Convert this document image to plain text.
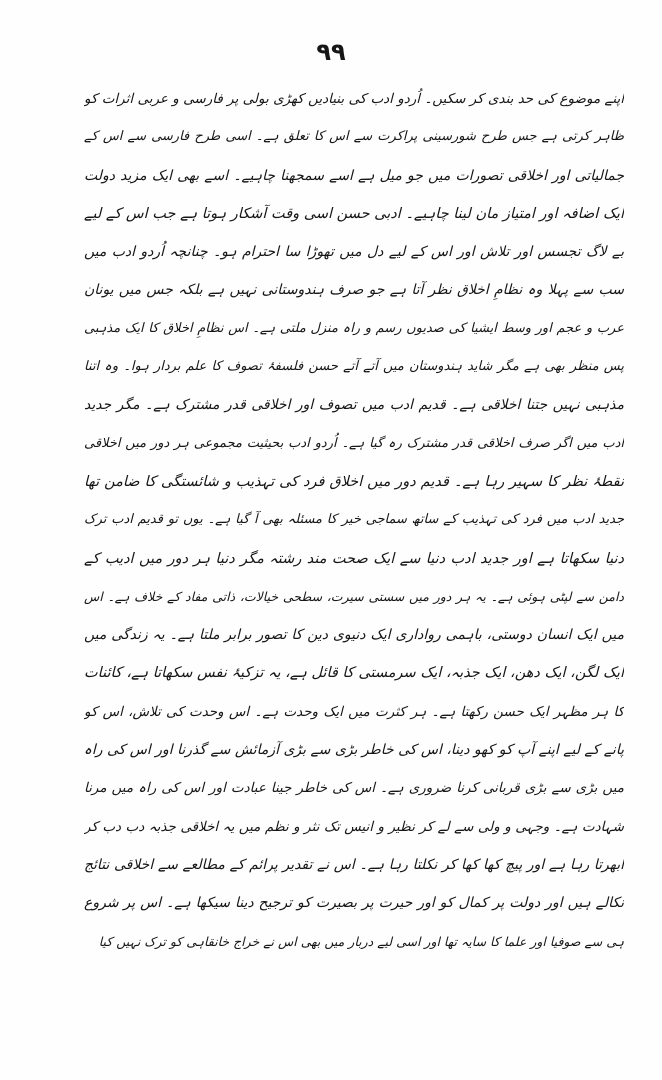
۹۹
اپنے موضوع کی حد بندی کر سکیں۔ اُردو ادب کی بنیادیں کھڑی بولی پر فارسی و عربی اثرات کو
ظاہر کرتی ہے جس طرح شورسینی پراکرت سے اس کا تعلق ہے۔ اسی طرح فارسی سے اس کے
جمالیاتی اور اخلاقی تصورات میں جو میل ہے اسے سمجھنا چاہیے۔ اسے بھی ایک مزید دولت
ایک اضافہ اور امتیاز مان لینا چاہیے۔ ادبی حسن اسی وقت آشکار ہوتا ہے جب اس کے لیے
بے لاگ تجسس اور تلاش اور اس کے لیے دل میں تھوڑا سا احترام ہو۔ چنانچہ اُردو ادب میں
سب سے پہلا وہ نظامِ اخلاق نظر آتا ہے جو صرف ہندوستانی نہیں ہے بلکہ جس میں یونان
عرب و عجم اور وسط ایشیا کی صدیوں رسم و راہ منزل ملتی ہے۔ اس نظامِ اخلاق کا ایک مذہبی
پس منظر بھی ہے مگر شاید ہندوستان میں آتے آتے حسن فلسفۂ تصوف کا علم بردار ہوا۔ وہ اتنا
مذہبی نہیں جتنا اخلاقی ہے۔ قدیم ادب میں تصوف اور اخلاقی قدر مشترک ہے۔ مگر جدید
ادب میں اگر صرف اخلاقی قدر مشترک رہ گیا ہے۔ اُردو ادب بحیثیت مجموعی ہر دور میں اخلاقی
نقطۂ نظر کا سہیر رہا ہے۔ قدیم دور میں اخلاق فرد کی تہذیب و شائستگی کا ضامن تھا
جدید ادب میں فرد کی تہذیب کے ساتھ سماجی خیر کا مسئلہ بھی آ گیا ہے۔ یوں تو قدیم ادب ترک
دنیا سکھاتا ہے اور جدید ادب دنیا سے ایک صحت مند رشتہ مگر دنیا ہر دور میں ادیب کے
دامن سے لپٹی ہوئی ہے۔ یہ ہر دور میں سستی سیرت، سطحی خیالات، ذاتی مفاد کے خلاف ہے۔ اس
میں ایک انسان دوستی، باہمی رواداری ایک دنیوی دین کا تصور برابر ملتا ہے۔ یہ زندگی میں
ایک لگن، ایک دھن، ایک جذبہ، ایک سرمستی کا قائل ہے، یہ تزکیۂ نفس سکھاتا ہے، کائنات
کا ہر مظہر ایک حسن رکھتا ہے۔ ہر کثرت میں ایک وحدت ہے۔ اس وحدت کی تلاش، اس کو
پانے کے لیے اپنے آپ کو کھو دینا، اس کی خاطر بڑی سے بڑی آزمائش سے گذرنا اور اس کی راہ
میں بڑی سے بڑی قربانی کرنا ضروری ہے۔ اس کی خاطر جینا عبادت اور اس کی راہ میں مرنا
شہادت ہے۔ وجہی و ولی سے لے کر نظیر و انیس تک نثر و نظم میں یہ اخلاقی جذبہ دب دب کر
ابھرتا رہا ہے اور پیچ کھا کھا کر نکلتا رہا ہے۔ اس نے تقدیر پرائم کے مطالعے سے اخلاقی نتائج
نکالے ہیں اور دولت پر کمال کو اور حیرت پر بصیرت کو ترجیح دینا سیکھا ہے۔ اس پر شروع
ہی سے صوفیا اور علما کا سایہ تھا اور اسی لیے دربار میں بھی اس نے خراج خانقاہی کو ترک نہیں کیا
